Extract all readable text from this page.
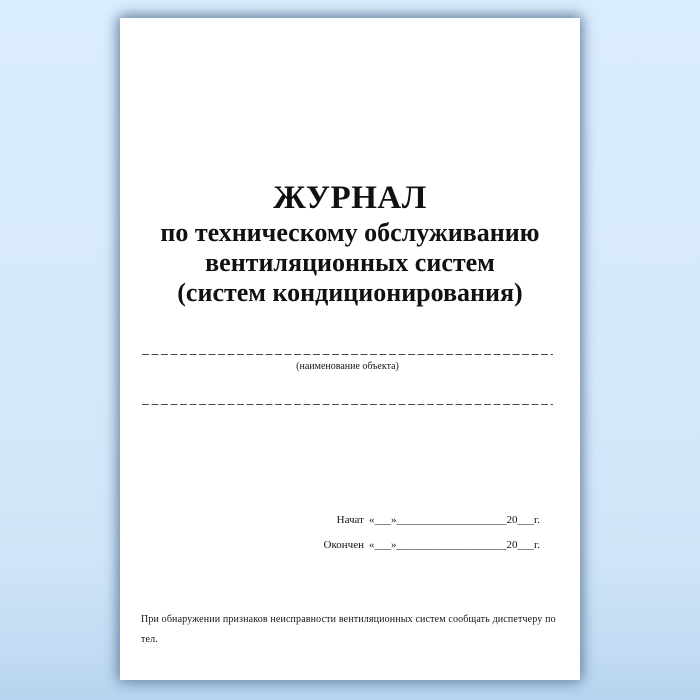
ЖУРНАЛ
по техническому обслуживанию
вентиляционных систем
(систем кондиционирования)
(наименование объекта)
Начат «___»____________________20___г.
Окончен «___»____________________20___г.
При обнаружении признаков неисправности вентиляционных систем сообщать диспетчеру по
тел.
